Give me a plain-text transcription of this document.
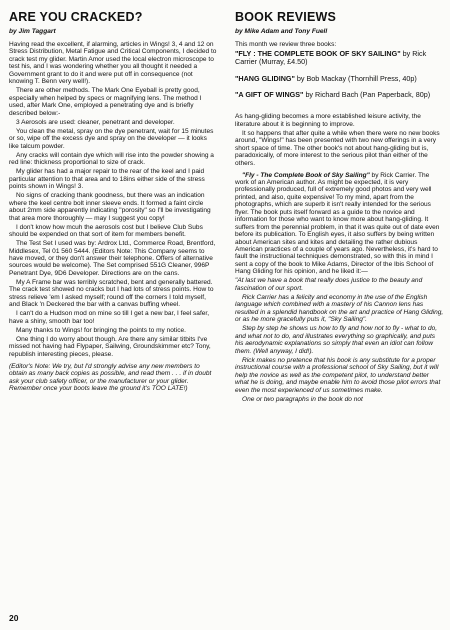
ARE YOU CRACKED?
by Jim Taggart

Having read the excellent, if alarming, articles in Wings! 3, 4 and 12 on Stress Distribution, Metal Fatigue and Critical Components, I decided to crack test my glider. Martin Amor used the local electron microscope to test his, and I was wondering whether you all thought it needed a Government grant to do it and were put off in consequence (not knowing T. Benn very well!).

There are other methods. The Mark One Eyeball is pretty good, especially when helped by specs or magnifying lens. The method I used, after Mark One, employed a penetrating dye and is briefly described below:-

3 Aerosols are used: cleaner, penetrant and developer.

You clean the metal, spray on the dye penetrant, wait for 15 minutes or so, wipe off the excess dye and spray on the developer — it looks like talcum powder.

Any cracks will contain dye which will rise into the powder showing a red line: thickness proportional to size of crack.

My glider has had a major repair to the rear of the keel and I paid particular attention to that area and to 18ins either side of the stress points shown in Wings! 3.

No signs of cracking thank goodness, but there was an indication where the keel centre bolt inner sleeve ends. It formed a faint circle about 2mm side apparently indicating "porosity" so I'll be investigating that area more thoroughly — may I suggest you copy!

I don't know how mcuh the aerosols cost but I believe Club Subs should be expended on that sort of item for members benefit.

The Test Set I used was by: Ardrox Ltd., Commerce Road, Brentford, Middlesex, Tel 01 560 5444. (Editors Note: This Company seems to have moved, or they don't answer their telephone. Offers of alternative sources would be welcome). The Set comprised 551G Cleaner, 996P Penetrant Dye, 9D6 Developer. Directions are on the cans.

My A Frame bar was terribly scratched, bent and generally battered. The crack test showed no cracks but I had lots of stress points. How to stress relieve 'em I asked myself; round off the corners I told myself, and Black 'n Deckered the bar with a canvas buffing wheel.

I can't do a Hudson mod on mine so till I get a new bar, I feel safer, have a shiny, smooth bar too!

Many thanks to Wings! for bringing the points to my notice.

One thing I do worry about though. Are there any similar titbits I've missed not having had Flypaper, Sailwing, Groundskimmer etc? Tony, republish interesting pieces, please.

(Editor's Note: We try, but I'd strongly advise any new members to obtain as many back copies as possible, and read them . . . if in doubt ask your club safety officer, or the manufacturer or your glider. Remember once your boots leave the ground it's TOO LATE!)

BOOK REVIEWS
by Mike Adam and Tony Fuell

This month we review three books:

"FLY : THE COMPLETE BOOK OF SKY SAILING" by Rick Carrier (Murray, £4.50)

"HANG GLIDING" by Bob Mackay (Thornhill Press, 40p)

"A GIFT OF WINGS" by Richard Bach (Pan Paperback, 80p)

As hang-gliding becomes a more established leisure activity, the literature about it is beginning to improve.

It so happens that after quite a while when there were no new books around, "Wings!" has been presented with two new offerings in a very short space of time. The other book's not about hang-gliding but is, paradoxically, of more interest to the serious pilot than either of the others.

"Fly - The Complete Book of Sky Sailing" by Rick Carrier. The work of an American author. As might be expected, it is very professionally produced, full of extremely good photos and very well printed, and also, quite expensive! To my mind, apart from the photographs, which are superb it isn't really intended for the serious flyer. The book puts itself forward as a guide to the novice and information for those who want to know more about hang-gliding. It suffers from the perennial problem, in that it was quite out of date even before its publication. To English eyes, it also suffers by being written about American sites and kites and detailing the rather dubious American practices of a couple of years ago. Nevertheless, it's hard to fault the instructional techniques demonstrated, so with this in mind I sent a copy of the book to Mike Adams, Director of the Ibis School of Hang Gliding for his opinion, and he liked it:—

"At last we have a book that really does justice to the beauty and fascination of our sport.

Rick Carrier has a felicity and economy in the use of the English language which combined with a mastery of his Cannon lens has resulted in a splendid handbook on the art and practice of Hang Gliding, or as he more gracefully puts it, "Sky Sailing".

Step by step he shows us how to fly and how not to fly - what to do, and what not to do, and illustrates everything so graphically, and puts his aerodynamic explanations so simply that even an idiot can follow them. (Well anyway, I did!).

Rick makes no pretence that his book is any substitute for a proper instructional course with a professional school of Sky Sailing, but it will help the novice as well as the competent pilot, to understand better what he is doing, and maybe enable him to avoid those pilot errors that even the most experienced of us sometimes make.

One or two paragraphs in the book do not

20
